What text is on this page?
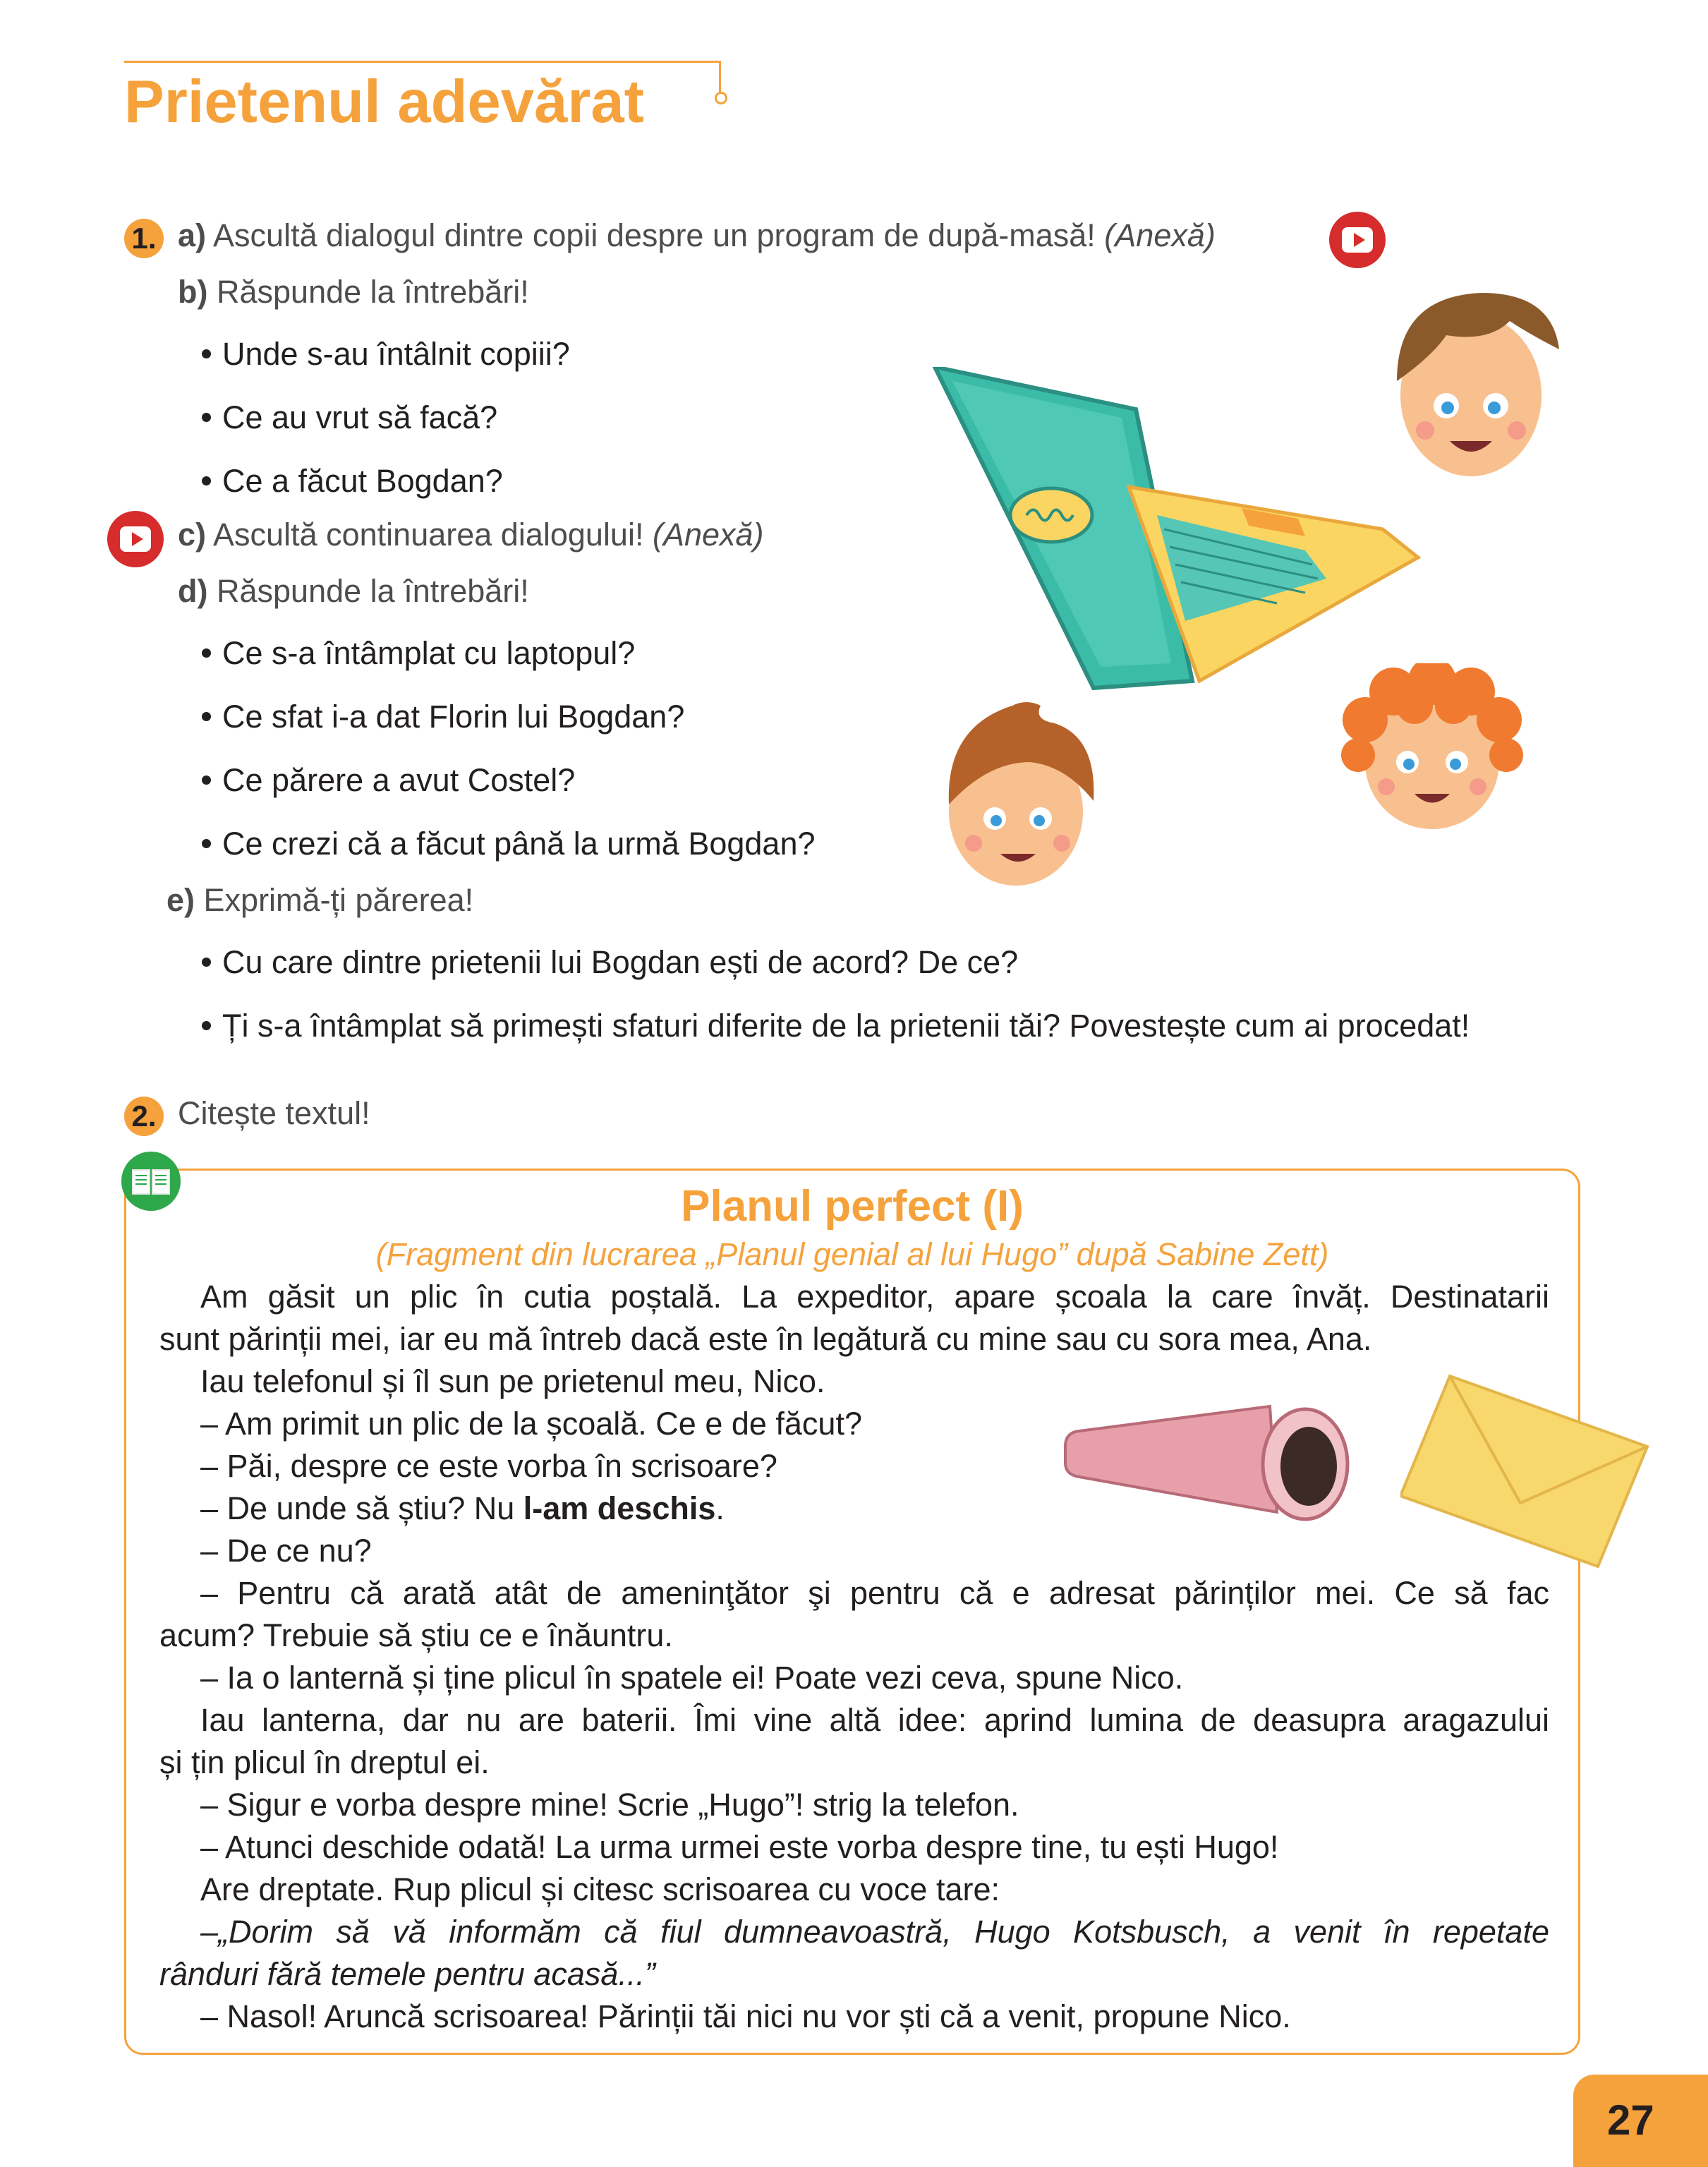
Prietenul adevărat
1. a) Ascultă dialogul dintre copii despre un program de după-masă! (Anexă)
b) Răspunde la întrebări!
Unde s-au întâlnit copiii?
Ce au vrut să facă?
Ce a făcut Bogdan?
c) Ascultă continuarea dialogului! (Anexă)
d) Răspunde la întrebări!
Ce s-a întâmplat cu laptopul?
Ce sfat i-a dat Florin lui Bogdan?
Ce părere a avut Costel?
Ce crezi că a făcut până la urmă Bogdan?
e) Exprimă-ți părerea!
Cu care dintre prietenii lui Bogdan ești de acord? De ce?
Ți s-a întâmplat să primești sfaturi diferite de la prietenii tăi? Povestește cum ai procedat!
2. Citește textul!
Planul perfect (I)
(Fragment din lucrarea „Planul genial al lui Hugo” după Sabine Zett)
Am găsit un plic în cutia poștală. La expeditor, apare școala la care învăț. Destinatarii
sunt părinții mei, iar eu mă întreb dacă este în legătură cu mine sau cu sora mea, Ana.
Iau telefonul și îl sun pe prietenul meu, Nico.
– Am primit un plic de la școală. Ce e de făcut?
– Păi, despre ce este vorba în scrisoare?
– De unde să știu? Nu l-am deschis.
– De ce nu?
– Pentru că arată atât de ameninţător şi pentru că e adresat părinților mei. Ce să fac
acum? Trebuie să știu ce e înăuntru.
– Ia o lanternă și ține plicul în spatele ei! Poate vezi ceva, spune Nico.
Iau lanterna, dar nu are baterii. Îmi vine altă idee: aprind lumina de deasupra aragazului
și țin plicul în dreptul ei.
– Sigur e vorba despre mine! Scrie „Hugo”! strig la telefon.
– Atunci deschide odată! La urma urmei este vorba despre tine, tu ești Hugo!
Are dreptate. Rup plicul și citesc scrisoarea cu voce tare:
–„Dorim să vă informăm că fiul dumneavoastră, Hugo Kotsbusch, a venit în repetate
rânduri fără temele pentru acasă...”
– Nasol! Aruncă scrisoarea! Părinții tăi nici nu vor ști că a venit, propune Nico.
27
